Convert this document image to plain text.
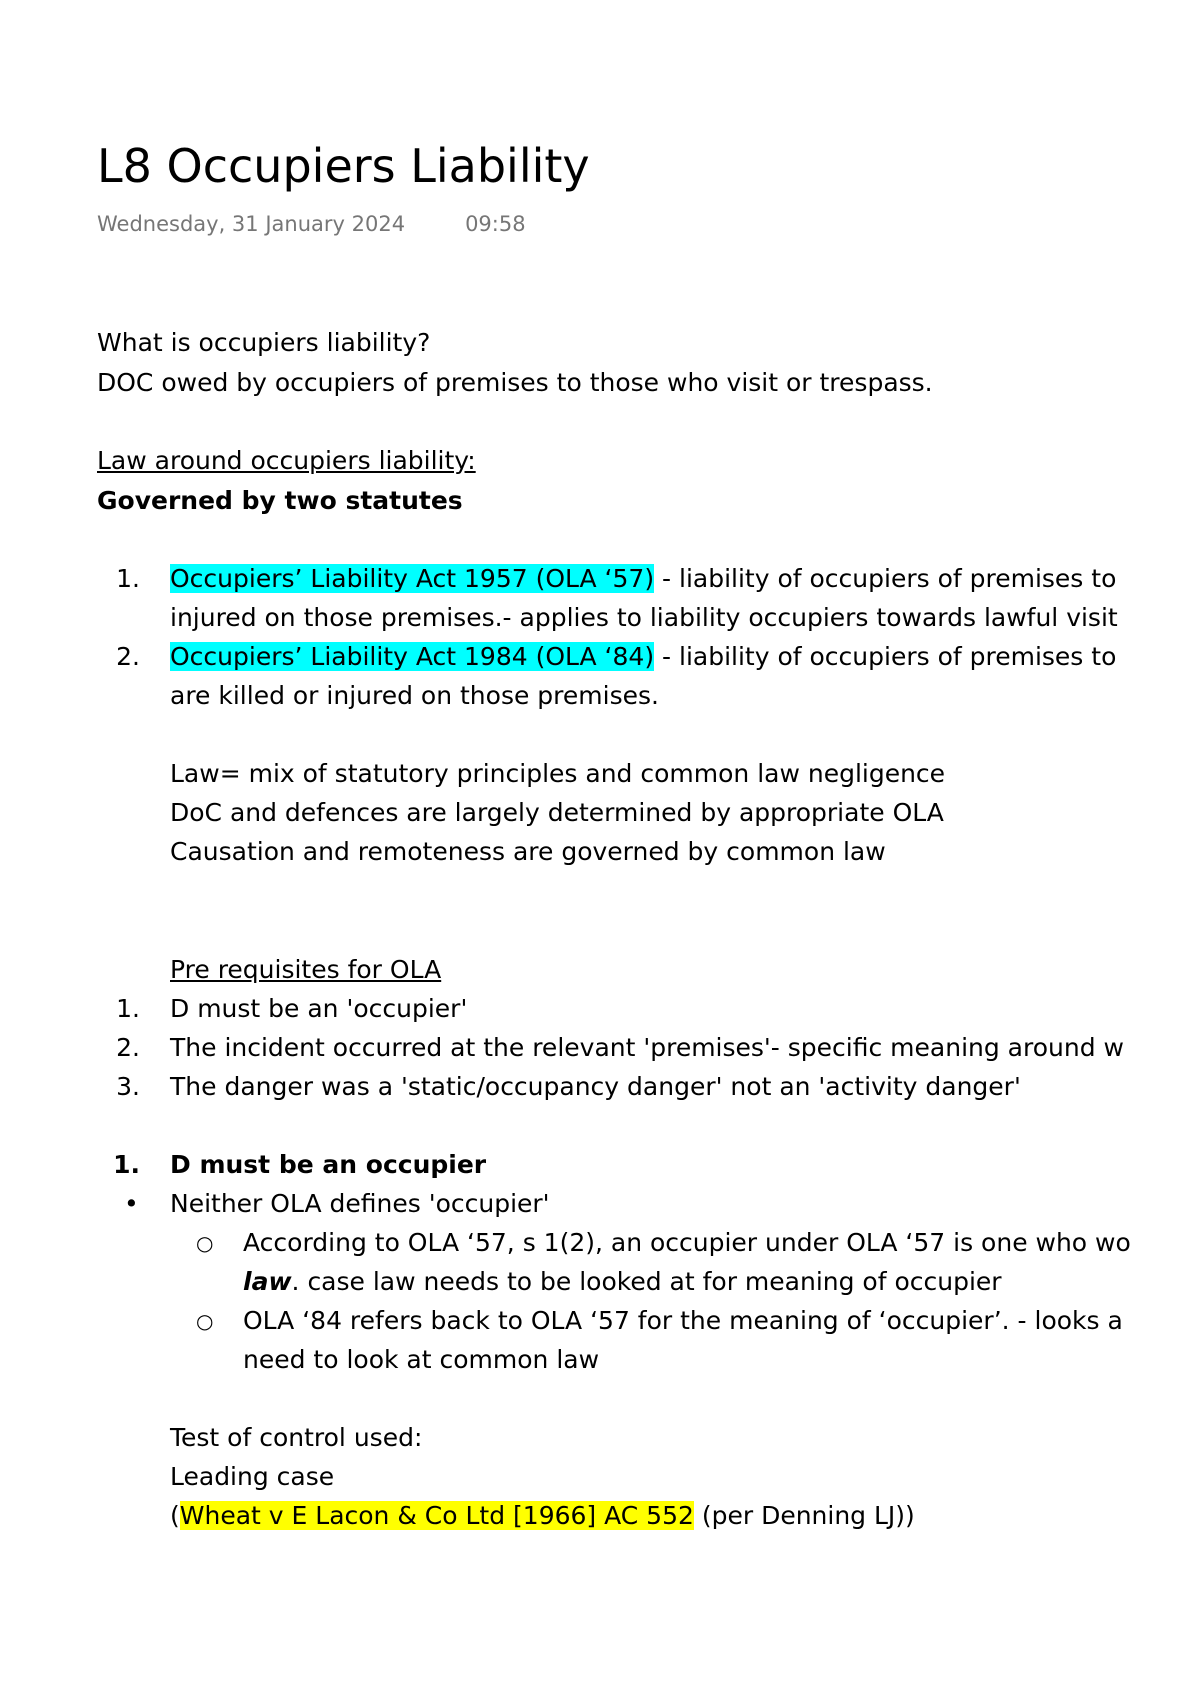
L8 Occupiers Liability
Wednesday, 31 January 2024	09:58
What is occupiers liability?
DOC owed by occupiers of premises to those who visit or trespass.
Law around occupiers liability:
Governed by two statutes
1. Occupiers’ Liability Act 1957 (OLA ‘57) - liability of occupiers of premises to
injured on those premises.- applies to liability occupiers towards lawful visit
2. Occupiers’ Liability Act 1984 (OLA ‘84) - liability of occupiers of premises to
are killed or injured on those premises.
Law= mix of statutory principles and common law negligence
DoC and defences are largely determined by appropriate OLA
Causation and remoteness are governed by common law
Pre requisites for OLA
1. D must be an 'occupier'
2. The incident occurred at the relevant 'premises'- specific meaning around w
3. The danger was a 'static/occupancy danger' not an 'activity danger'
1. D must be an occupier
• Neither OLA defines 'occupier'
○ According to OLA ‘57, s 1(2), an occupier under OLA ‘57 is one who wo
law. case law needs to be looked at for meaning of occupier
○ OLA ‘84 refers back to OLA ‘57 for the meaning of ‘occupier’. - looks a
need to look at common law
Test of control used:
Leading case
(Wheat v E Lacon & Co Ltd [1966] AC 552 (per Denning LJ))
